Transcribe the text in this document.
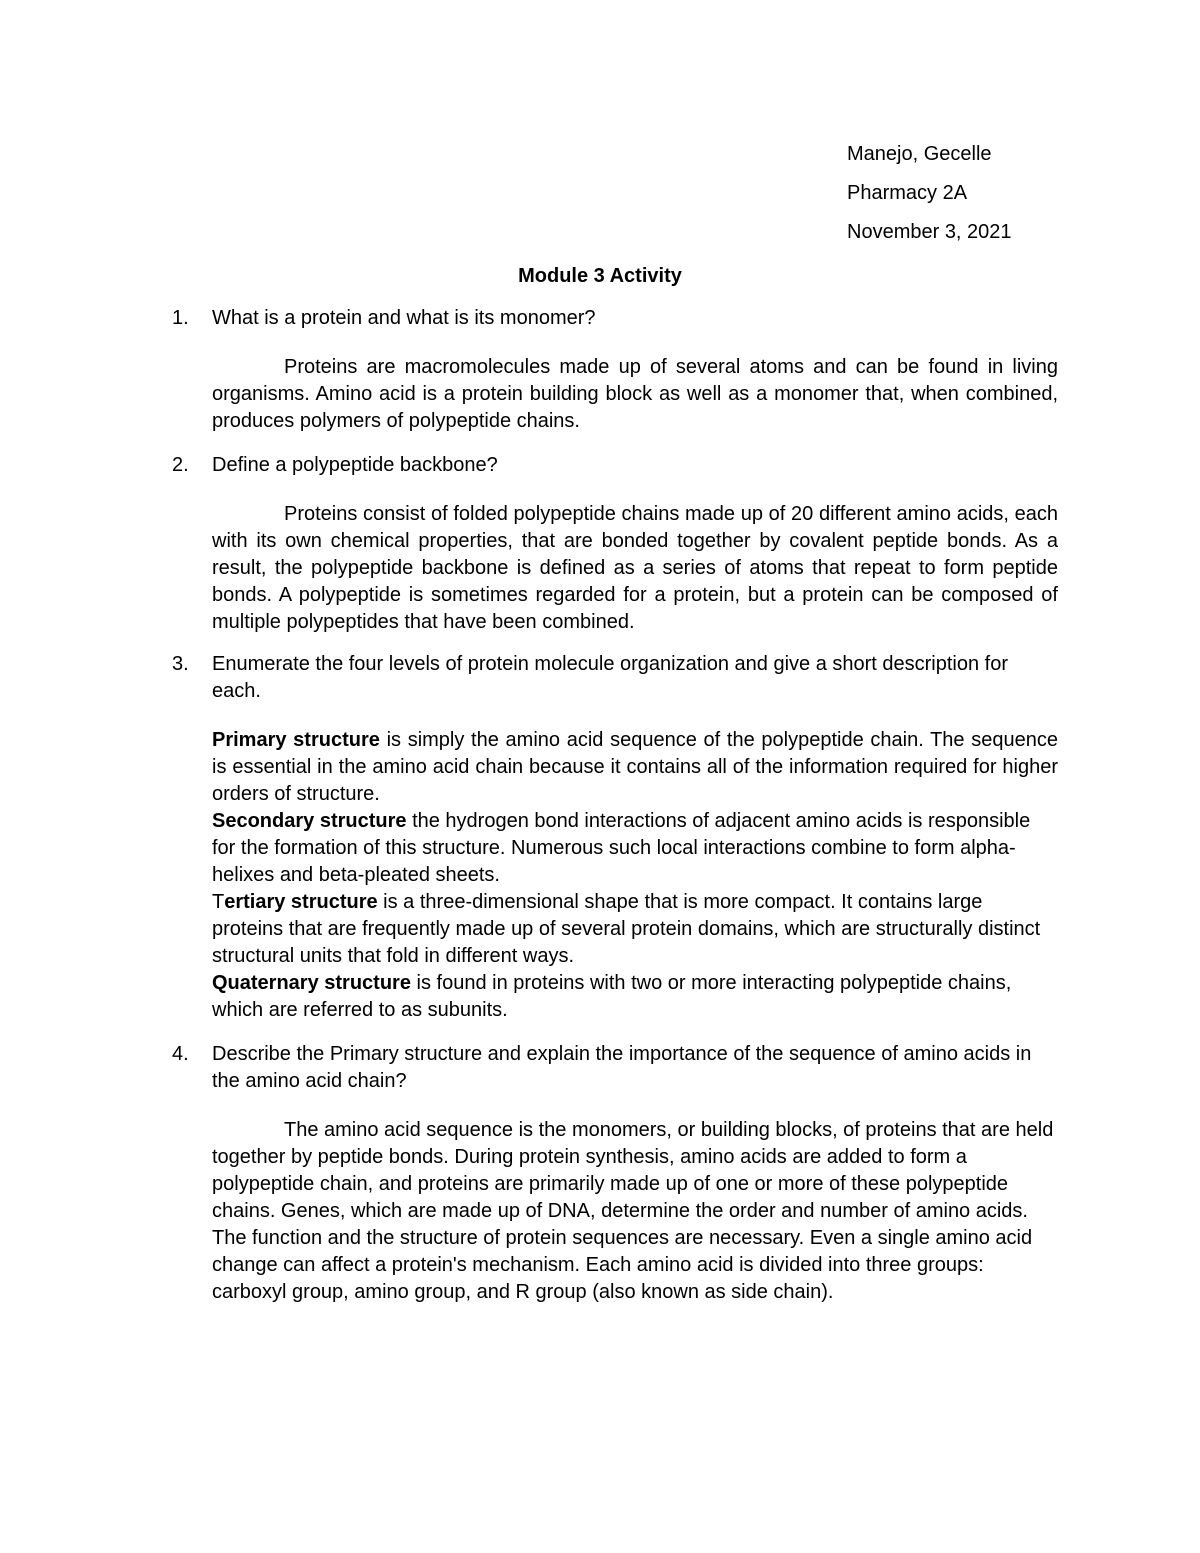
Manejo, Gecelle
Pharmacy 2A
November 3, 2021
Module 3 Activity
1. What is a protein and what is its monomer?

Proteins are macromolecules made up of several atoms and can be found in living organisms. Amino acid is a protein building block as well as a monomer that, when combined, produces polymers of polypeptide chains.

2. Define a polypeptide backbone?

Proteins consist of folded polypeptide chains made up of 20 different amino acids, each with its own chemical properties, that are bonded together by covalent peptide bonds. As a result, the polypeptide backbone is defined as a series of atoms that repeat to form peptide bonds. A polypeptide is sometimes regarded for a protein, but a protein can be composed of multiple polypeptides that have been combined.

3. Enumerate the four levels of protein molecule organization and give a short description for each.

Primary structure is simply the amino acid sequence of the polypeptide chain. The sequence is essential in the amino acid chain because it contains all of the information required for higher orders of structure.

Secondary structure the hydrogen bond interactions of adjacent amino acids is responsible for the formation of this structure. Numerous such local interactions combine to form alpha-helixes and beta-pleated sheets.

Tertiary structure is a three-dimensional shape that is more compact. It contains large proteins that are frequently made up of several protein domains, which are structurally distinct structural units that fold in different ways.

Quaternary structure is found in proteins with two or more interacting polypeptide chains, which are referred to as subunits.

4. Describe the Primary structure and explain the importance of the sequence of amino acids in the amino acid chain?

The amino acid sequence is the monomers, or building blocks, of proteins that are held together by peptide bonds. During protein synthesis, amino acids are added to form a polypeptide chain, and proteins are primarily made up of one or more of these polypeptide chains. Genes, which are made up of DNA, determine the order and number of amino acids. The function and the structure of protein sequences are necessary. Even a single amino acid change can affect a protein's mechanism. Each amino acid is divided into three groups: carboxyl group, amino group, and R group (also known as side chain).
